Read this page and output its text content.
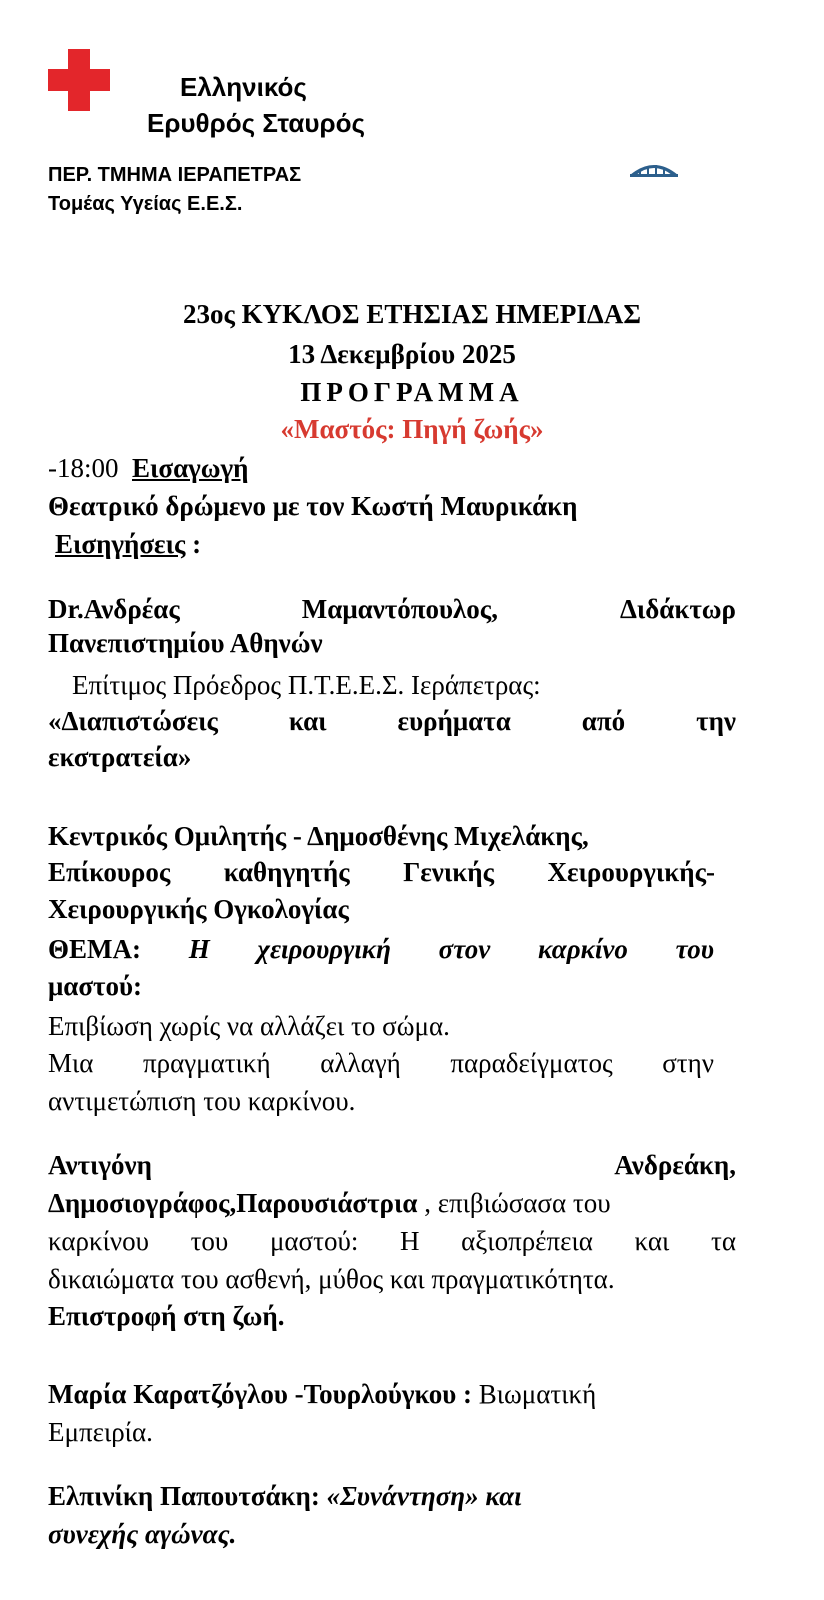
Ελληνικός
Ερυθρός Σταυρός
ΠΕΡ. ΤΜΗΜΑ ΙΕΡΑΠΕΤΡΑΣ
Τομέας Υγείας Ε.Ε.Σ.
23ος ΚΥΚΛΟΣ ΕΤΗΣΙΑΣ ΗΜΕΡΙΔΑΣ
13 Δεκεμβρίου 2025
ΠΡΟΓΡΑΜΜΑ
«Μαστός: Πηγή ζωής»
-18:00 Εισαγωγή
Θεατρικό δρώμενο με τον Κωστή Μαυρικάκη
Εισηγήσεις :
Dr.Ανδρέας	Μαμαντόπουλος,	Διδάκτωρ
Πανεπιστημίου Αθηνών
Επίτιμος Πρόεδρος Π.Τ.Ε.Ε.Σ. Ιεράπετρας:
«Διαπιστώσεις	και	ευρήματα	από	την
εκστρατεία»
Κεντρικός Ομιλητής - Δημοσθένης Μιχελάκης,
Επίκουρος καθηγητής Γενικής Χειρουργικής-
Χειρουργικής Ογκολογίας
ΘΕΜΑ: Η χειρουργική στον καρκίνο του
μαστού:
Επιβίωση χωρίς να αλλάζει το σώμα.
Μια πραγματική αλλαγή παραδείγματος στην
αντιμετώπιση του καρκίνου.
Αντιγόνη	Ανδρεάκη,
Δημοσιογράφος,Παρουσιάστρια , επιβιώσασα του
καρκίνου του μαστού: Η αξιοπρέπεια και τα
δικαιώματα του ασθενή, μύθος και πραγματικότητα.
Επιστροφή στη ζωή.
Μαρία Καρατζόγλου -Τουρλούγκου : Βιωματική
Εμπειρία.
Ελπινίκη Παπουτσάκη: «Συνάντηση» και
συνεχής αγώνας.
